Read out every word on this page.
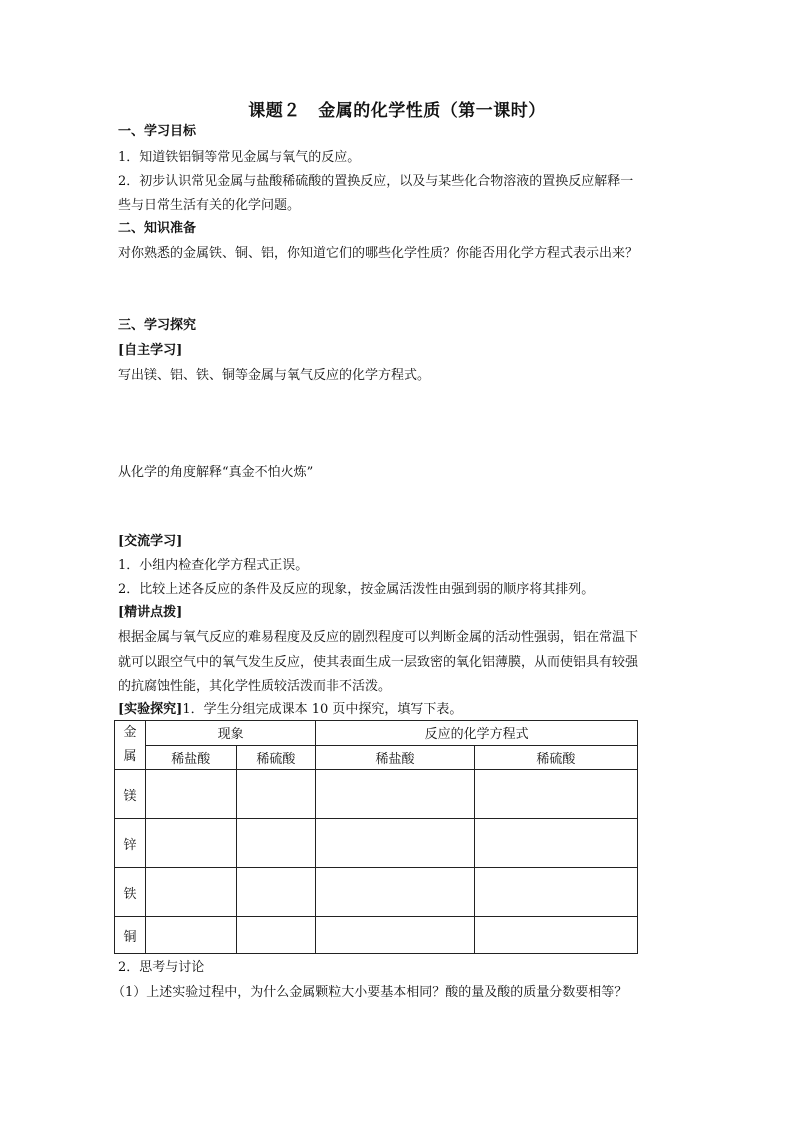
课题２　金属的化学性质（第一课时）
一、学习目标
1．知道铁铝铜等常见金属与氧气的反应。
2．初步认识常见金属与盐酸稀硫酸的置换反应，以及与某些化合物溶液的置换反应解释一
些与日常生活有关的化学问题。
二、知识准备
对你熟悉的金属铁、铜、铝，你知道它们的哪些化学性质？你能否用化学方程式表示出来？
三、学习探究
[自主学习]
写出镁、铝、铁、铜等金属与氧气反应的化学方程式。
从化学的角度解释“真金不怕火炼”
[交流学习]
1．小组内检查化学方程式正误。
2．比较上述各反应的条件及反应的现象，按金属活泼性由强到弱的顺序将其排列。
[精讲点拨]
根据金属与氧气反应的难易程度及反应的剧烈程度可以判断金属的活动性强弱，铝在常温下
就可以跟空气中的氧气发生反应，使其表面生成一层致密的氧化铝薄膜，从而使铝具有较强
的抗腐蚀性能，其化学性质较活泼而非不活泼。
[实验探究]1．学生分组完成课本 10 页中探究，填写下表。
金
属	现象		反应的化学方程式	
	稀盐酸	稀硫酸	稀盐酸	稀硫酸
镁				
锌				
铁				
铜				
2．思考与讨论
（1）上述实验过程中，为什么金属颗粒大小要基本相同？酸的量及酸的质量分数要相等？
